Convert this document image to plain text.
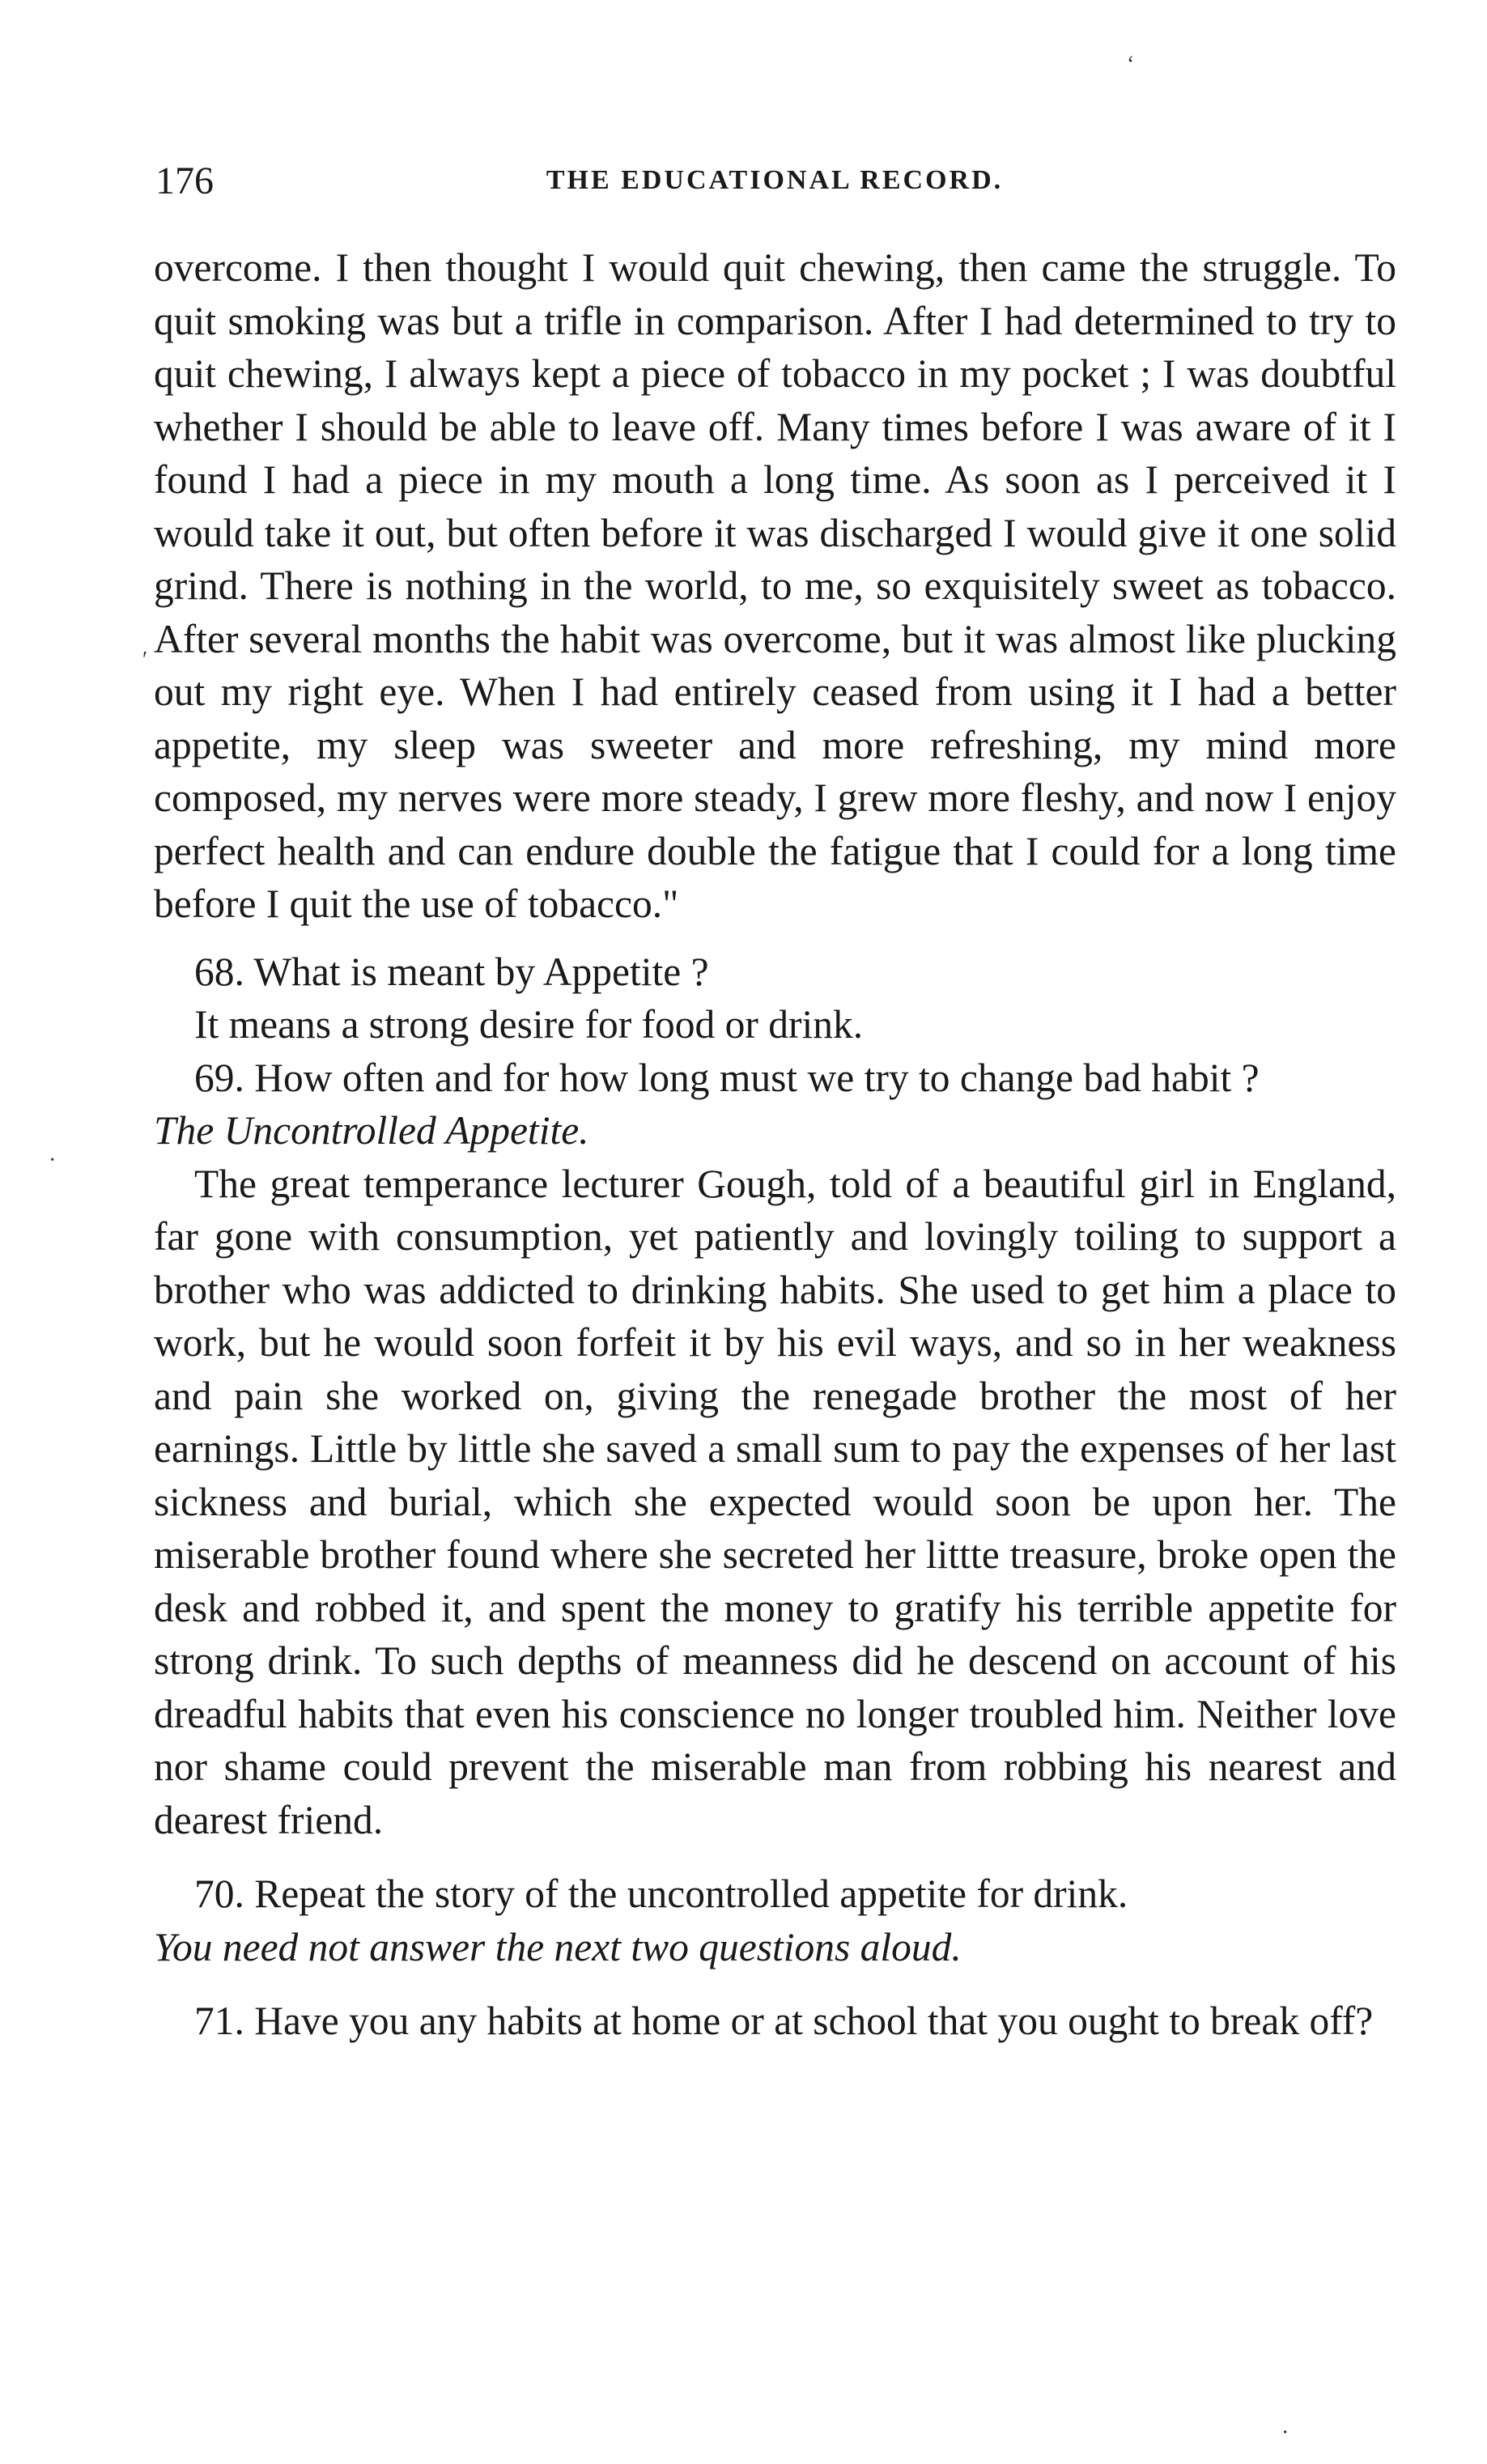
176	THE EDUCATIONAL RECORD.

overcome. I then thought I would quit chewing, then came the struggle. To quit smoking was but a trifle in comparison. After I had determined to try to quit chewing, I always kept a piece of tobacco in my pocket ; I was doubtful whether I should be able to leave off. Many times before I was aware of it I found I had a piece in my mouth a long time. As soon as I perceived it I would take it out, but often before it was discharged I would give it one solid grind. There is nothing in the world, to me, so exquisitely sweet as tobacco. After several months the habit was overcome, but it was almost like plucking out my right eye. When I had entirely ceased from using it I had a better appetite, my sleep was sweeter and more refreshing, my mind more composed, my nerves were more steady, I grew more fleshy, and now I enjoy perfect health and can endure double the fatigue that I could for a long time before I quit the use of tobacco."

68. What is meant by Appetite ?

It means a strong desire for food or drink.

69. How often and for how long must we try to change bad habit ?

The Uncontrolled Appetite.

The great temperance lecturer Gough, told of a beautiful girl in England, far gone with consumption, yet patiently and lovingly toiling to support a brother who was addicted to drinking habits. She used to get him a place to work, but he would soon forfeit it by his evil ways, and so in her weakness and pain she worked on, giving the renegade brother the most of her earnings. Little by little she saved a small sum to pay the expenses of her last sickness and burial, which she expected would soon be upon her. The miserable brother found where she secreted her littte treasure, broke open the desk and robbed it, and spent the money to gratify his terrible appetite for strong drink. To such depths of meanness did he descend on account of his dreadful habits that even his conscience no longer troubled him. Neither love nor shame could prevent the miserable man from robbing his nearest and dearest friend.

70. Repeat the story of the uncontrolled appetite for drink.

You need not answer the next two questions aloud.

71. Have you any habits at home or at school that you ought to break off?

‘
′
·
·
